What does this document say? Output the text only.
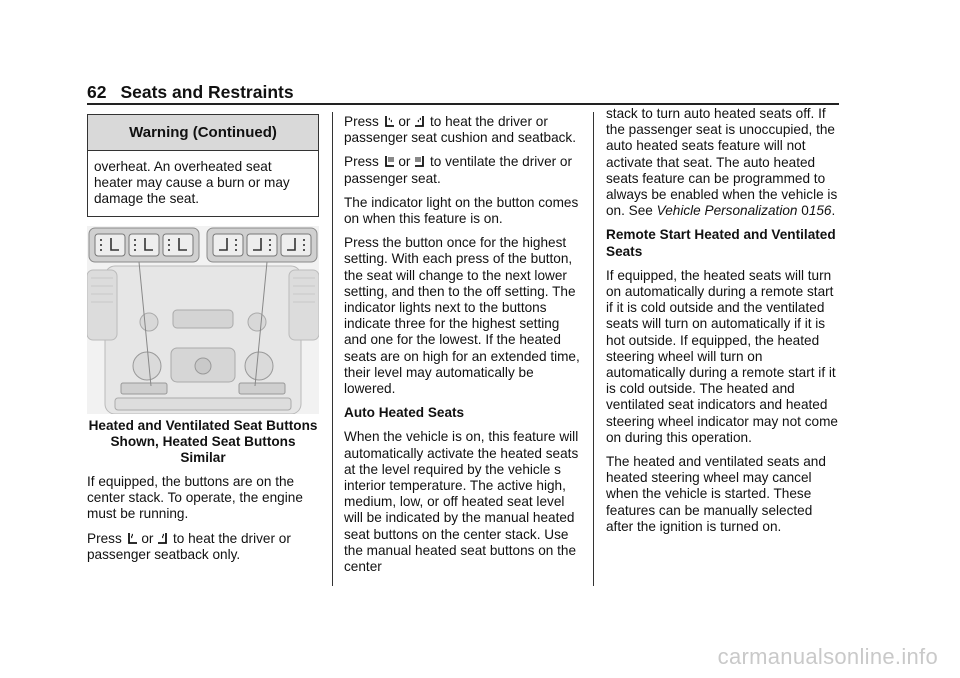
62 Seats and Restraints
Warning (Continued)
overheat. An overheated seat heater may cause a burn or may damage the seat.
Heated and Ventilated Seat Buttons Shown, Heated Seat Buttons Similar

If equipped, the buttons are on the center stack. To operate, the engine must be running.

Press or to heat the driver or passenger seatback only.

Press or to heat the driver or passenger seat cushion and seatback.

Press or to ventilate the driver or passenger seat.

The indicator light on the button comes on when this feature is on.

Press the button once for the highest setting. With each press of the button, the seat will change to the next lower setting, and then to the off setting. The indicator lights next to the buttons indicate three for the highest setting and one for the lowest. If the heated seats are on high for an extended time, their level may automatically be lowered.

Auto Heated Seats

When the vehicle is on, this feature will automatically activate the heated seats at the level required by the vehicle s interior temperature. The active high, medium, low, or off heated seat level will be indicated by the manual heated seat buttons on the center stack. Use the manual heated seat buttons on the center

stack to turn auto heated seats off. If the passenger seat is unoccupied, the auto heated seats feature will not activate that seat. The auto heated seats feature can be programmed to always be enabled when the vehicle is on. See Vehicle Personalization 0156.

Remote Start Heated and Ventilated Seats

If equipped, the heated seats will turn on automatically during a remote start if it is cold outside and the ventilated seats will turn on automatically if it is hot outside. If equipped, the heated steering wheel will turn on automatically during a remote start if it is cold outside. The heated and ventilated seat indicators and heated steering wheel indicator may not come on during this operation.

The heated and ventilated seats and heated steering wheel may cancel when the vehicle is started. These features can be manually selected after the ignition is turned on.

carmanualsonline.info
